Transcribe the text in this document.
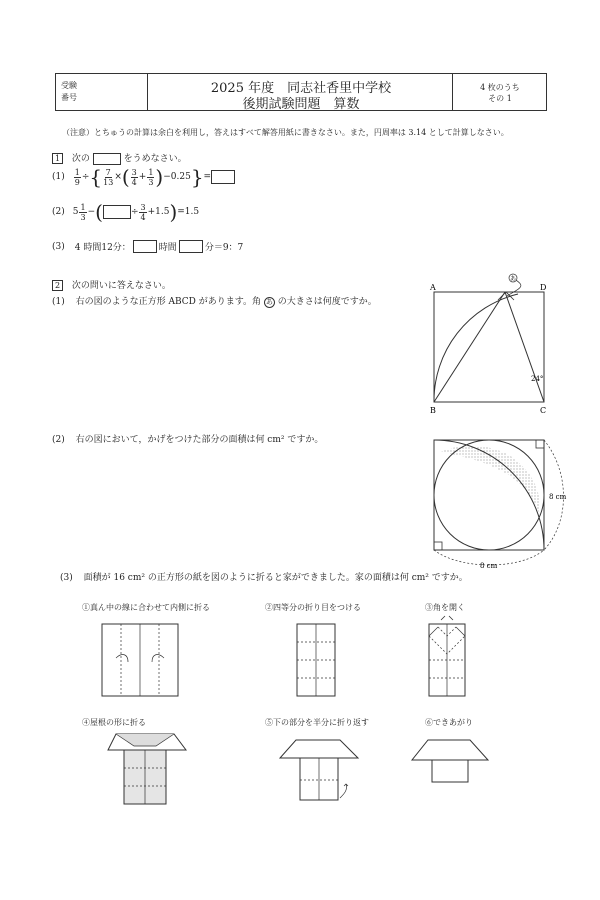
受験
番号
2025 年度　同志社香里中学校
後期試験問題　算数
4 枚のうち
その 1
（注意）とちゅうの計算は余白を利用し，答えはすべて解答用紙に書きなさい。また，円周率は 3.14 として計算しなさい。
1 次の	をうめなさい。
$(1) \frac{1}{9}$ ÷ { $\frac{7}{13}$ × ( $\frac{3}{4} + \frac{1}{3}$ ) −0.25 } =
(2) $5 \frac{1}{3}$ − (	÷ $\frac{3}{4} +1.5$ ) =1.5
(3) 4 時間12分：	時間	分＝9：7
2 次の問いに答えなさい。
(1) 右の図のような正方形 ABCD があります。角 あ の大きさは何度ですか。
(2) 右の図において，かげをつけた部分の面積は何 cm² ですか。
(3) 面積が 16 cm² の正方形の紙を図のように折ると家ができました。家の面積は何 cm² ですか。
あ
A	D
B	C
24°
8 cm
8 cm
①真ん中の線に合わせて内側に折る	②四等分の折り目をつける	③角を開く
④屋根の形に折る	⑤下の部分を半分に折り返す	⑥できあがり
